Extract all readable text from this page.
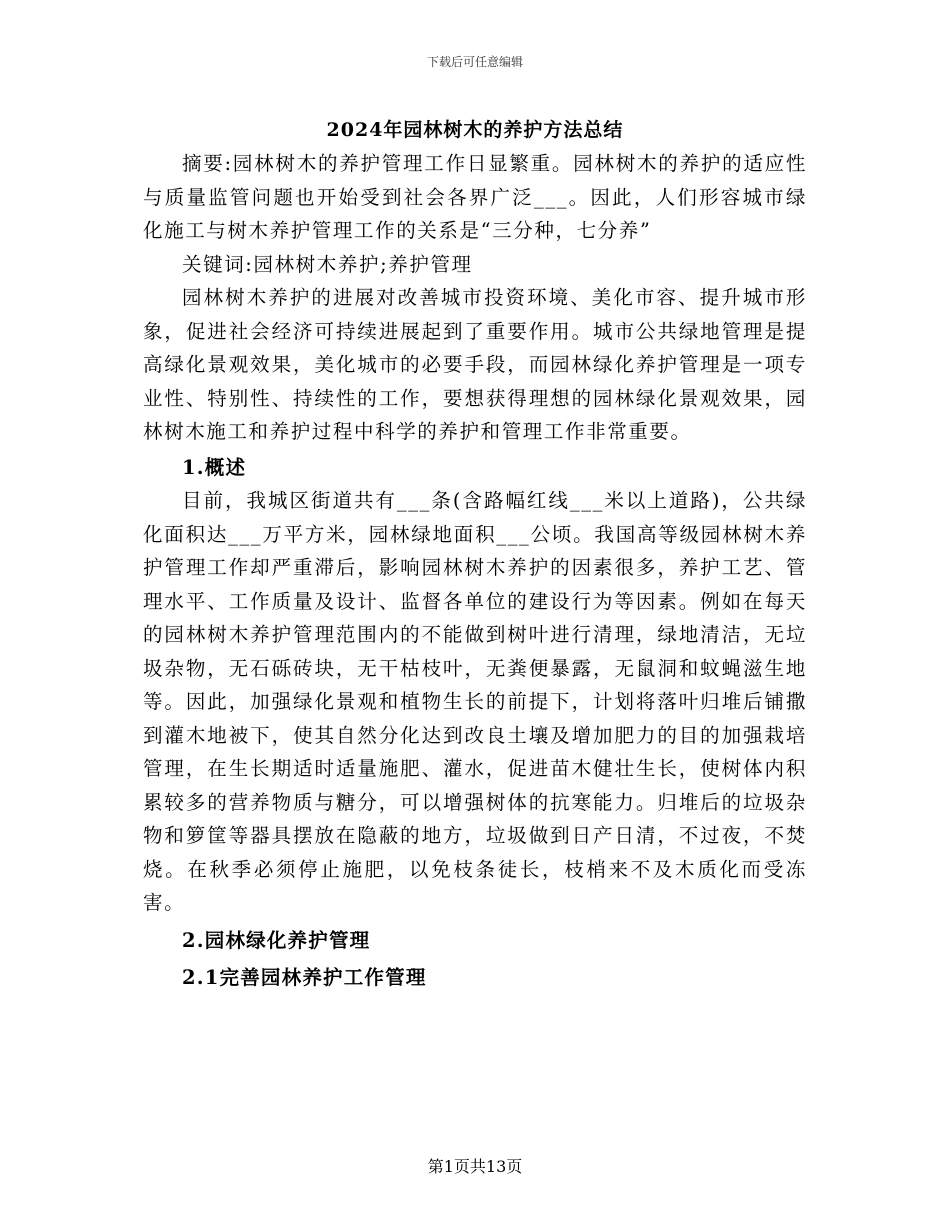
下载后可任意编辑
2024年园林树木的养护方法总结

摘要:园林树木的养护管理工作日显繁重。园林树木的养护的适应性与质量监管问题也开始受到社会各界广泛___。因此，人们形容城市绿化施工与树木养护管理工作的关系是“三分种，七分养”

关键词:园林树木养护;养护管理

园林树木养护的进展对改善城市投资环境、美化市容、提升城市形象，促进社会经济可持续进展起到了重要作用。城市公共绿地管理是提高绿化景观效果，美化城市的必要手段，而园林绿化养护管理是一项专业性、特别性、持续性的工作，要想获得理想的园林绿化景观效果，园林树木施工和养护过程中科学的养护和管理工作非常重要。

1.概述

目前，我城区街道共有___条(含路幅红线___米以上道路)，公共绿化面积达___万平方米，园林绿地面积___公顷。我国高等级园林树木养护管理工作却严重滞后，影响园林树木养护的因素很多，养护工艺、管理水平、工作质量及设计、监督各单位的建设行为等因素。例如在每天的园林树木养护管理范围内的不能做到树叶进行清理，绿地清洁，无垃圾杂物，无石砾砖块，无干枯枝叶，无粪便暴露，无鼠洞和蚊蝇滋生地等。因此，加强绿化景观和植物生长的前提下，计划将落叶归堆后铺撒到灌木地被下，使其自然分化达到改良土壤及增加肥力的目的加强栽培管理，在生长期适时适量施肥、灌水，促进苗木健壮生长，使树体内积累较多的营养物质与糖分，可以增强树体的抗寒能力。归堆后的垃圾杂物和箩筐等器具摆放在隐蔽的地方，垃圾做到日产日清，不过夜，不焚烧。在秋季必须停止施肥，以免枝条徒长，枝梢来不及木质化而受冻害。

2.园林绿化养护管理

2.1完善园林养护工作管理

第1页共13页
